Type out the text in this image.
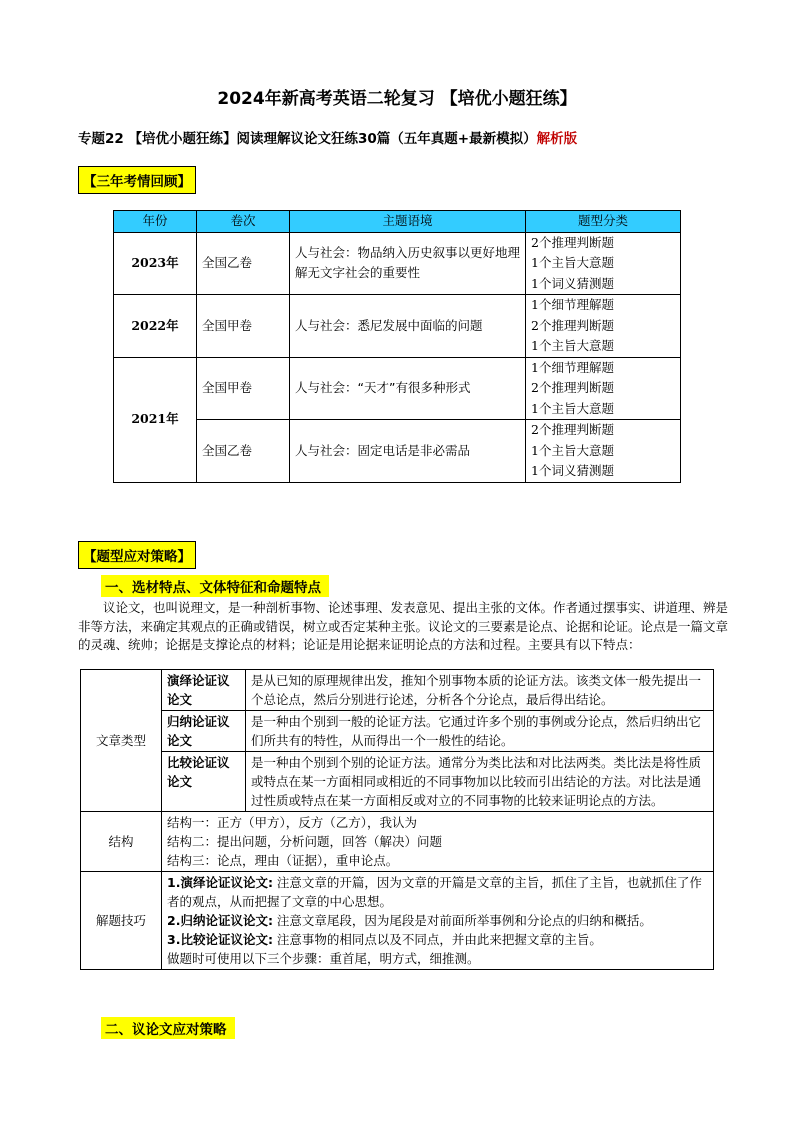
2024年新高考英语二轮复习 【培优小题狂练】
专题22 【培优小题狂练】阅读理解议论文狂练30篇（五年真题+最新模拟）解析版
【三年考情回顾】
年份	卷次	主题语境	题型分类
2023年	全国乙卷	人与社会：物品纳入历史叙事以更好地理解无文字社会的重要性	2个推理判断题
1个主旨大意题
1个词义猜测题

2022年	全国甲卷	人与社会：悉尼发展中面临的问题	1个细节理解题
2个推理判断题
1个主旨大意题

2021年	全国甲卷	人与社会：“天才”有很多种形式	1个细节理解题
2个推理判断题
1个主旨大意题

	全国乙卷	人与社会：固定电话是非必需品	2个推理判断题
1个主旨大意题
1个词义猜测题
【题型应对策略】
一、选材特点、文体特征和命题特点
议论文，也叫说理文，是一种剖析事物、论述事理、发表意见、提出主张的文体。作者通过摆事实、讲道理、辨是非等方法，来确定其观点的正确或错误，树立或否定某种主张。议论文的三要素是论点、论据和论证。论点是一篇文章的灵魂、统帅；论据是支撑论点的材料；论证是用论据来证明论点的方法和过程。主要具有以下特点：
文章类型	演绎论证议论文	是从已知的原理规律出发，推知个别事物本质的论证方法。该类文体一般先提出一个总论点，然后分别进行论述，分析各个分论点，最后得出结论。
	归纳论证议论文	是一种由个别到一般的论证方法。它通过许多个别的事例或分论点，然后归纳出它们所共有的特性，从而得出一个一般性的结论。
	比较论证议论文	是一种由个别到个别的论证方法。通常分为类比法和对比法两类。类比法是将性质或特点在某一方面相同或相近的不同事物加以比较而引出结论的方法。对比法是通过性质或特点在某一方面相反或对立的不同事物的比较来证明论点的方法。
结构	结构一：正方（甲方），反方（乙方），我认为
结构二：提出问题，分析问题，回答（解决）问题
结构三：论点，理由（证据），重申论点。	

解题技巧	1.演绎论证议论文: 注意文章的开篇，因为文章的开篇是文章的主旨，抓住了主旨，也就抓住了作者的观点，从而把握了文章的中心思想。
2.归纳论证议论文: 注意文章尾段，因为尾段是对前面所举事例和分论点的归纳和概括。
3.比较论证议论文: 注意事物的相同点以及不同点，并由此来把握文章的主旨。
做题时可使用以下三个步骤：重首尾，明方式，细推测。	
二、议论文应对策略
